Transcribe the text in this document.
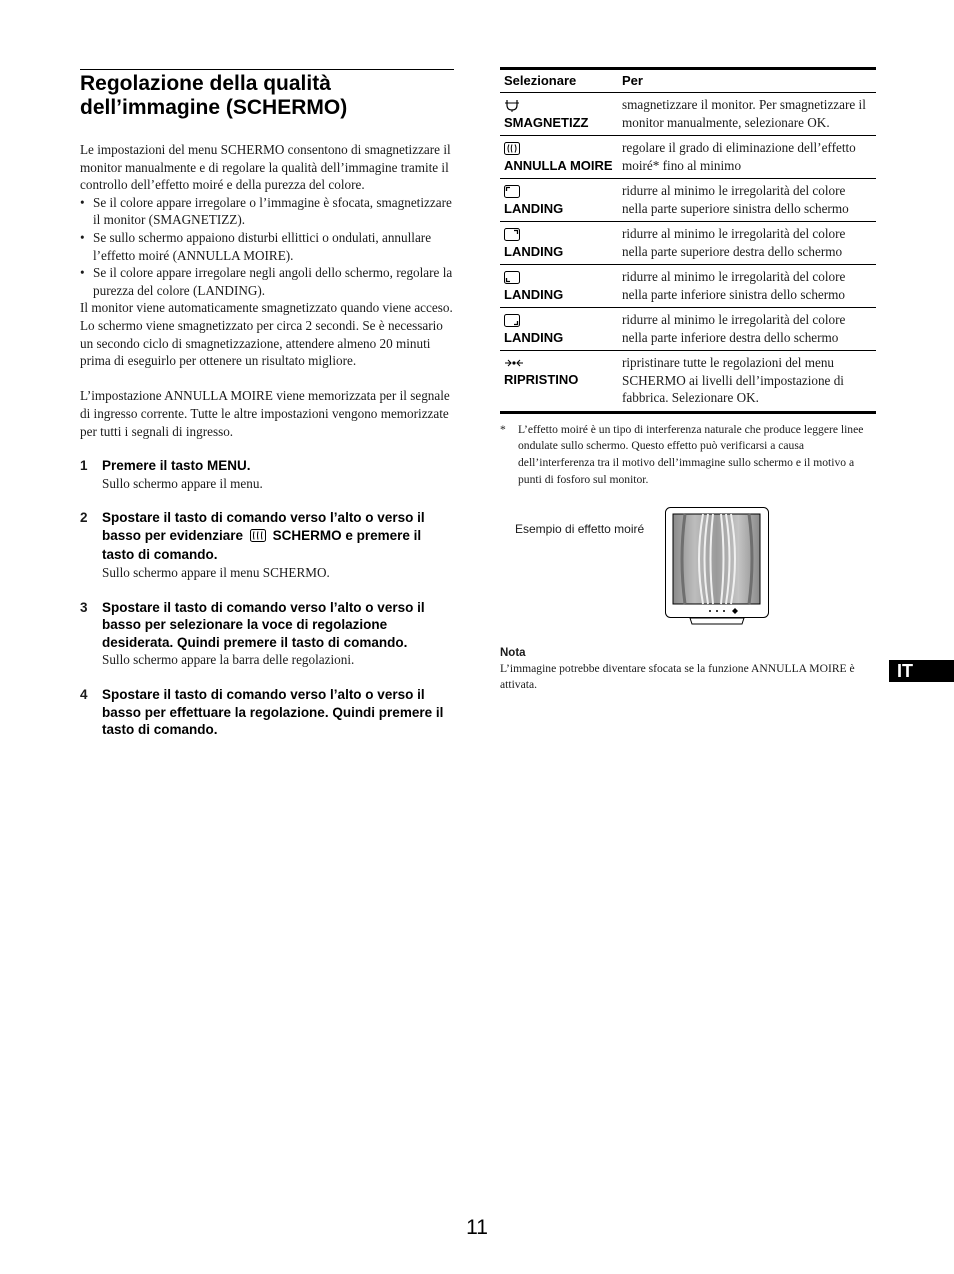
Regolazione della qualità
dell’immagine (SCHERMO)
Le impostazioni del menu SCHERMO consentono di smagnetizzare il monitor manualmente e di regolare la qualità dell’immagine tramite il controllo dell’effetto moiré e della purezza del colore.
• Se il colore appare irregolare o l’immagine è sfocata, smagnetizzare il monitor (SMAGNETIZZ).
• Se sullo schermo appaiono disturbi ellittici o ondulati, annullare l’effetto moiré (ANNULLA MOIRE).
• Se il colore appare irregolare negli angoli dello schermo, regolare la purezza del colore (LANDING).
Il monitor viene automaticamente smagnetizzato quando viene acceso.
Lo schermo viene smagnetizzato per circa 2 secondi. Se è necessario un secondo ciclo di smagnetizzazione, attendere almeno 20 minuti prima di eseguirlo per ottenere un risultato migliore.
L’impostazione ANNULLA MOIRE viene memorizzata per il segnale di ingresso corrente. Tutte le altre impostazioni vengono memorizzate per tutti i segnali di ingresso.
1 Premere il tasto MENU.
Sullo schermo appare il menu.
2 Spostare il tasto di comando verso l’alto o verso il basso per evidenziare SCHERMO e premere il tasto di comando.
Sullo schermo appare il menu SCHERMO.
3 Spostare il tasto di comando verso l’alto o verso il basso per selezionare la voce di regolazione desiderata. Quindi premere il tasto di comando.
Sullo schermo appare la barra delle regolazioni.
4 Spostare il tasto di comando verso l’alto o verso il basso per effettuare la regolazione. Quindi premere il tasto di comando.
Selezionare	Per

SMAGNETIZZ	smagnetizzare il monitor. Per smagnetizzare il monitor manualmente, selezionare OK.

ANNULLA MOIRE	regolare il grado di eliminazione dell’effetto moiré* fino al minimo

LANDING	ridurre al minimo le irregolarità del colore nella parte superiore sinistra dello schermo

LANDING	ridurre al minimo le irregolarità del colore nella parte superiore destra dello schermo

LANDING	ridurre al minimo le irregolarità del colore nella parte inferiore sinistra dello schermo

LANDING	ridurre al minimo le irregolarità del colore nella parte inferiore destra dello schermo

RIPRISTINO	ripristinare tutte le regolazioni del menu SCHERMO ai livelli dell’impostazione di fabbrica. Selezionare OK.
* L’effetto moiré è un tipo di interferenza naturale che produce leggere linee ondulate sullo schermo. Questo effetto può verificarsi a causa dell’interferenza tra il motivo dell’immagine sullo schermo e il motivo a punti di fosforo sul monitor.
Esempio di effetto moiré
Nota
L’immagine potrebbe diventare sfocata se la funzione ANNULLA MOIRE è attivata.
IT
11
